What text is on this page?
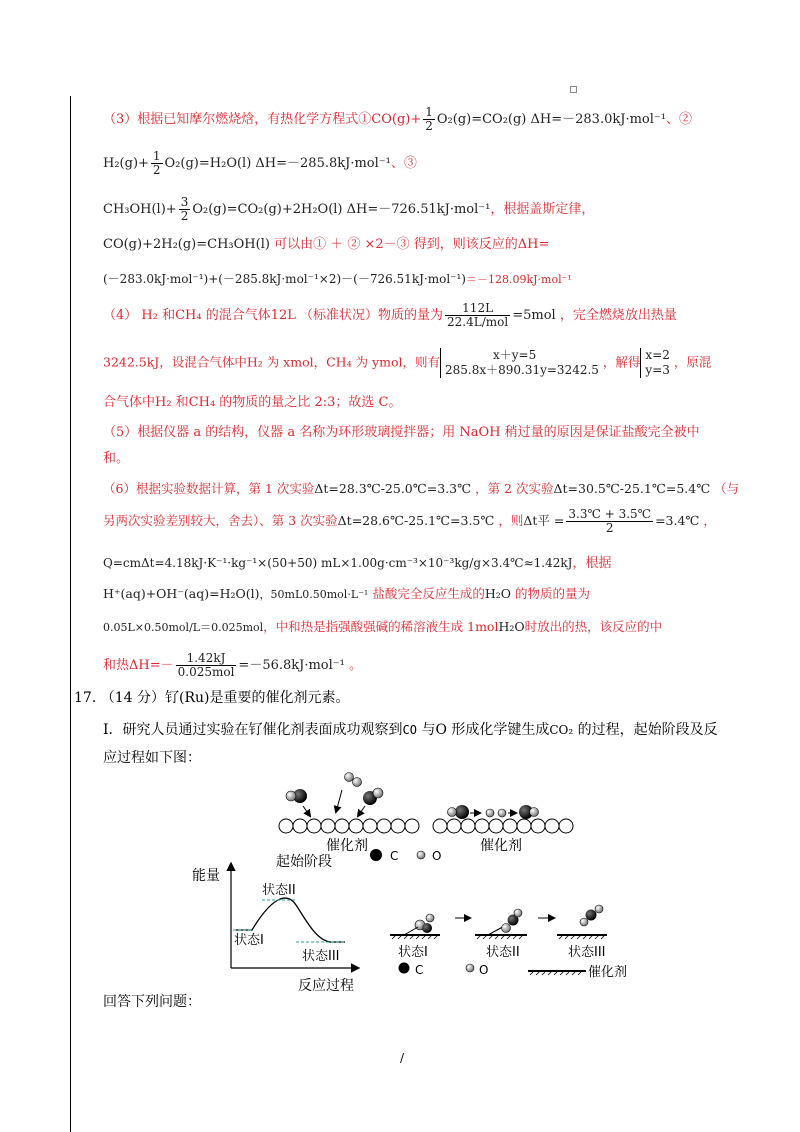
（3）根据已知摩尔燃烧焓，有热化学方程式①CO(g)+ $\frac{1}{2} O_2(g)=CO_2(g)$ ΔH=－283.0kJ·mol⁻¹、②
$H_2(g)+ \frac{1}{2} O_2(g)=H_2O(l)$ ΔH=－285.8kJ·mol⁻¹、③
$CH_3OH(l)+ \frac{3}{2} O_2(g)=CO_2(g)+2H_2O(l)$ ΔH=－726.51kJ·mol⁻¹，根据盖斯定律，
CO(g)+2H₂(g)=CH₃OH(l) 可以由① ＋ ② ×2－③ 得到，则该反应的ΔH=
(－283.0kJ·mol⁻¹)+(－285.8kJ·mol⁻¹×2)－(－726.51kJ·mol⁻¹)＝－128.09kJ·mol⁻¹
（4） H₂ 和CH₄ 的混合气体12L （标准状况）物质的量为 $\frac{112L}{\text{22.4L/mol}} =5mol$ ，完全燃烧放出热量
3242.5kJ，设混合气体中H₂ 为 xmol，CH₄ 为 ymol，则有	x＋y=5
285.8x＋890.31y=3242.5
，解得 x=2
y=3
，原混
合气体中H₂ 和CH₄ 的物质的量之比 2:3；故选 C。
（5）根据仪器 a 的结构，仪器 a 名称为环形玻璃搅拌器；用 NaOH 稍过量的原因是保证盐酸完全被中
和。
（6）根据实验数据计算，第 1 次实验Δt=28.3℃-25.0℃=3.3℃ ，第 2 次实验Δt=30.5℃-25.1℃=5.4℃ （与
另两次实验差别较大，舍去）、第 3 次实验Δt=28.6℃-25.1℃=3.5℃ ，则Δt平 = $\frac{3.3℃ + 3.5℃}{2}$ =3.4℃ ，
Q=cmΔt=4.18kJ·K⁻¹·kg⁻¹×(50+50) mL×1.00g·cm⁻³×10⁻³kg/g×3.4℃≈1.42kJ，根据
H⁺(aq)+OH⁻(aq)=H₂O(l)，50mL0.50mol·L⁻¹ 盐酸完全反应生成的H₂O 的物质的量为
0.05L×0.50mol/L＝0.025mol，中和热是指强酸强碱的稀溶液生成 1molH₂O时放出的热，该反应的中
和热$\Delta H=- \frac{1.42kJ}{\text{0.025mol}} =-56.8kJ\cdot mol^{-1}$ 。
17. （14 分）钌(Ru)是重要的催化剂元素。
Ⅰ．研究人员通过实验在钌催化剂表面成功观察到CO 与O 形成化学键生成CO₂ 的过程，起始阶段及反
应过程如下图：
催化剂
起始阶段	C	O
催化剂
能量
反应过程
状态II
状态I
状态III	状态I	状态II	状态III
C	O	催化剂
回答下列问题：
/
